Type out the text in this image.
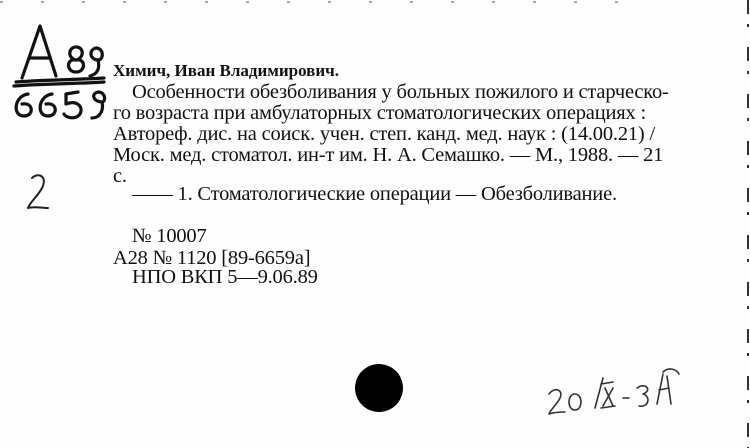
Химич, Иван Владимирович.
Особенности обезболивания у больных пожилого и старческо-
го возраста при амбулаторных стоматологических операциях :
Автореф. дис. на соиск. учен. степ. канд. мед. наук : (14.00.21) /
Моск. мед. стоматол. ин-т им. Н. А. Семашко. — М., 1988. — 21
с.
—— 1. Стоматологические операции — Обезболивание.
№ 10007
А28 № 1120 [89-6659а]
НПО ВКП 5—9.06.89
